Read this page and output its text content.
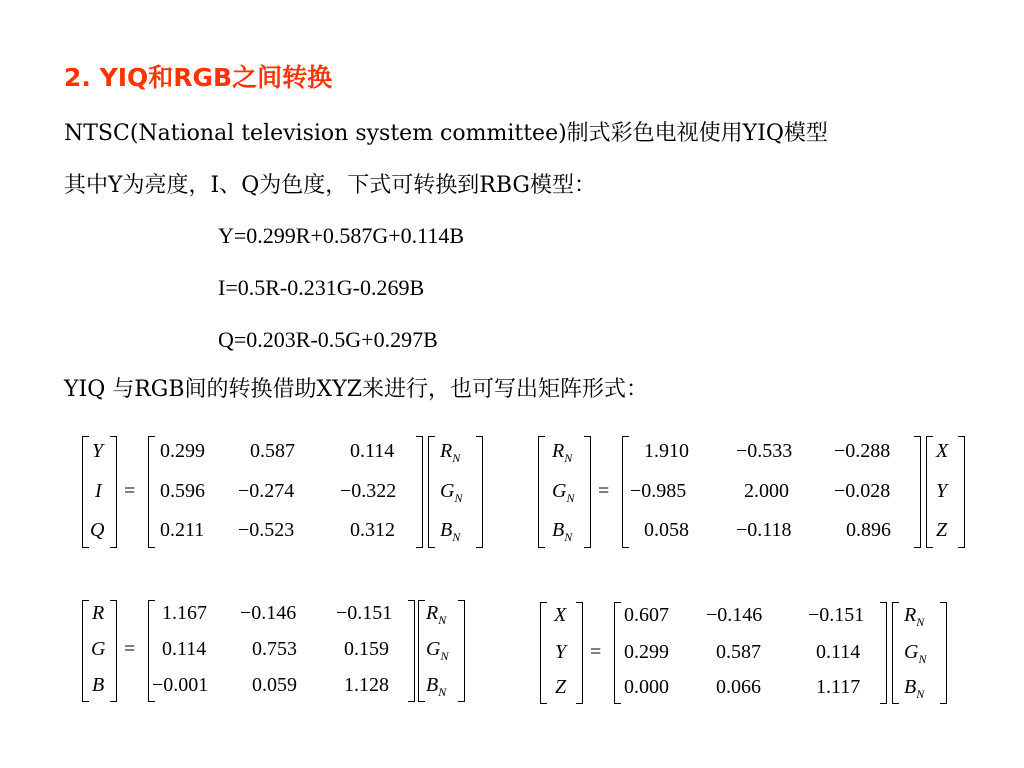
2. YIQ和RGB之间转换
NTSC(National television system committee)制式彩色电视使用YIQ模型
其中Y为亮度，I、Q为色度，下式可转换到RBG模型：
Y=0.299R+0.587G+0.114B
I=0.5R-0.231G-0.269B
Q=0.203R-0.5G+0.297B
YIQ 与RGB间的转换借助XYZ来进行，也可写出矩阵形式：
Y
I
Q
=
0.299 0.587	0.114
0.596 −0.274 −0.322
0.211 −0.523	0.312
$R_N$
$G_N$
$B_N$
$R_N$
$G_N$
$B_N$
=
1.910 −0.533 −0.288
−0.985	2.000 −0.028
0.058 −0.118	0.896
X
Y
Z
R
G
B
=
1.167 −0.146 −0.151
0.114 0.753 0.159
−0.001 0.059 1.128
$R_N$
$G_N$
$B_N$
X
Y
Z
=
0.607 −0.146 −0.151
0.299 0.587	0.114
0.000 0.066	1.117
$R_N$
$G_N$
$B_N$
